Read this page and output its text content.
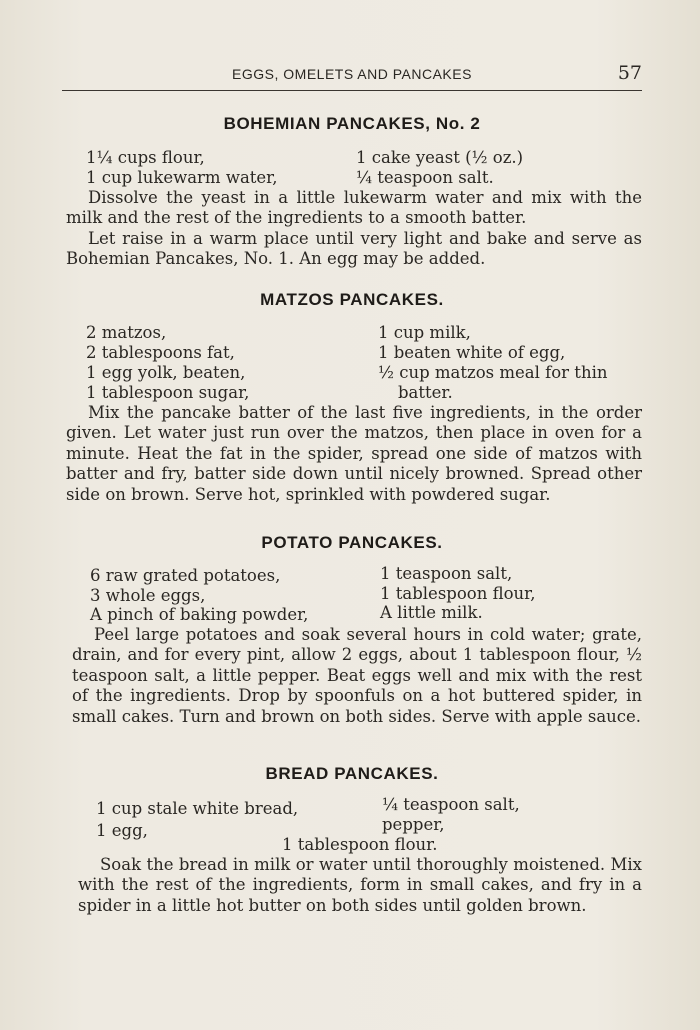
EGGS, OMELETS AND PANCAKES	57
BOHEMIAN PANCAKES, No. 2
1¼ cups flour,
1 cup lukewarm water,
1 cake yeast (½ oz.)
¼ teaspoon salt.
Dissolve the yeast in a little lukewarm water and mix with the milk and the rest of the ingredients to a smooth batter.
Let raise in a warm place until very light and bake and serve as Bohemian Pancakes, No. 1. An egg may be added.
MATZOS PANCAKES.
2 matzos,
2 tablespoons fat,
1 egg yolk, beaten,
1 tablespoon sugar,
1 cup milk,
1 beaten white of egg,
½ cup matzos meal for thin
batter.
Mix the pancake batter of the last five ingredients, in the order given. Let water just run over the matzos, then place in oven for a minute. Heat the fat in the spider, spread one side of matzos with batter and fry, batter side down until nicely browned. Spread other side on brown. Serve hot, sprinkled with powdered sugar.
POTATO PANCAKES.
6 raw grated potatoes,
3 whole eggs,
A pinch of baking powder,
1 teaspoon salt,
1 tablespoon flour,
A little milk.
Peel large potatoes and soak several hours in cold water; grate, drain, and for every pint, allow 2 eggs, about 1 tablespoon flour, ½ teaspoon salt, a little pepper. Beat eggs well and mix with the rest of the ingredients. Drop by spoonfuls on a hot buttered spider, in small cakes. Turn and brown on both sides. Serve with apple sauce.
BREAD PANCAKES.
1 cup stale white bread,
1 egg,
¼ teaspoon salt,
pepper,
1 tablespoon flour.
Soak the bread in milk or water until thoroughly moistened. Mix with the rest of the ingredients, form in small cakes, and fry in a spider in a little hot butter on both sides until golden brown.
